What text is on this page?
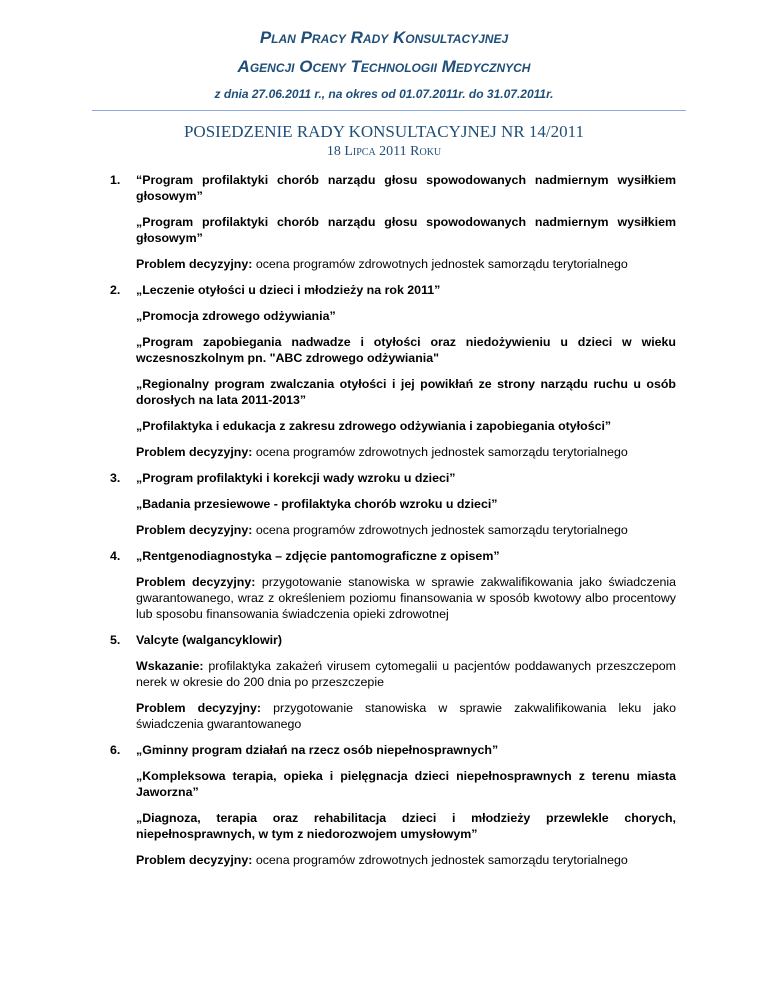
Plan Pracy Rady Konsultacyjnej
Agencji Oceny Technologii Medycznych
z dnia 27.06.2011 r., na okres od 01.07.2011r. do 31.07.2011r.
POSIEDZENIE RADY KONSULTACYJNEJ NR 14/2011
18 Lipca 2011 Roku
1. “Program profilaktyki chorób narządu głosu spowodowanych nadmiernym wysiłkiem głosowym”

„Program profilaktyki chorób narządu głosu spowodowanych nadmiernym wysiłkiem głosowym”

Problem decyzyjny: ocena programów zdrowotnych jednostek samorządu terytorialnego

2. „Leczenie otyłości u dzieci i młodzieży na rok 2011”

„Promocja zdrowego odżywiania”

„Program zapobiegania nadwadze i otyłości oraz niedożywieniu u dzieci w wieku wczesnoszkolnym pn. "ABC zdrowego odżywiania"

„Regionalny program zwalczania otyłości i jej powikłań ze strony narządu ruchu u osób dorosłych na lata 2011-2013”

„Profilaktyka i edukacja z zakresu zdrowego odżywiania i zapobiegania otyłości”

Problem decyzyjny: ocena programów zdrowotnych jednostek samorządu terytorialnego

3. „Program profilaktyki i korekcji wady wzroku u dzieci”

„Badania przesiewowe - profilaktyka chorób wzroku u dzieci”

Problem decyzyjny: ocena programów zdrowotnych jednostek samorządu terytorialnego

4. „Rentgenodiagnostyka – zdjęcie pantomograficzne z opisem”

Problem decyzyjny: przygotowanie stanowiska w sprawie zakwalifikowania jako świadczenia gwarantowanego, wraz z określeniem poziomu finansowania w sposób kwotowy albo procentowy lub sposobu finansowania świadczenia opieki zdrowotnej

5. Valcyte (walgancyklowir)

Wskazanie: profilaktyka zakażeń virusem cytomegalii u pacjentów poddawanych przeszczepom nerek w okresie do 200 dnia po przeszczepie

Problem decyzyjny: przygotowanie stanowiska w sprawie zakwalifikowania leku jako świadczenia gwarantowanego

6. „Gminny program działań na rzecz osób niepełnosprawnych”

„Kompleksowa terapia, opieka i pielęgnacja dzieci niepełnosprawnych z terenu miasta Jaworzna”

„Diagnoza, terapia oraz rehabilitacja dzieci i młodzieży przewlekle chorych, niepełnosprawnych, w tym z niedorozwojem umysłowym”

Problem decyzyjny: ocena programów zdrowotnych jednostek samorządu terytorialnego
